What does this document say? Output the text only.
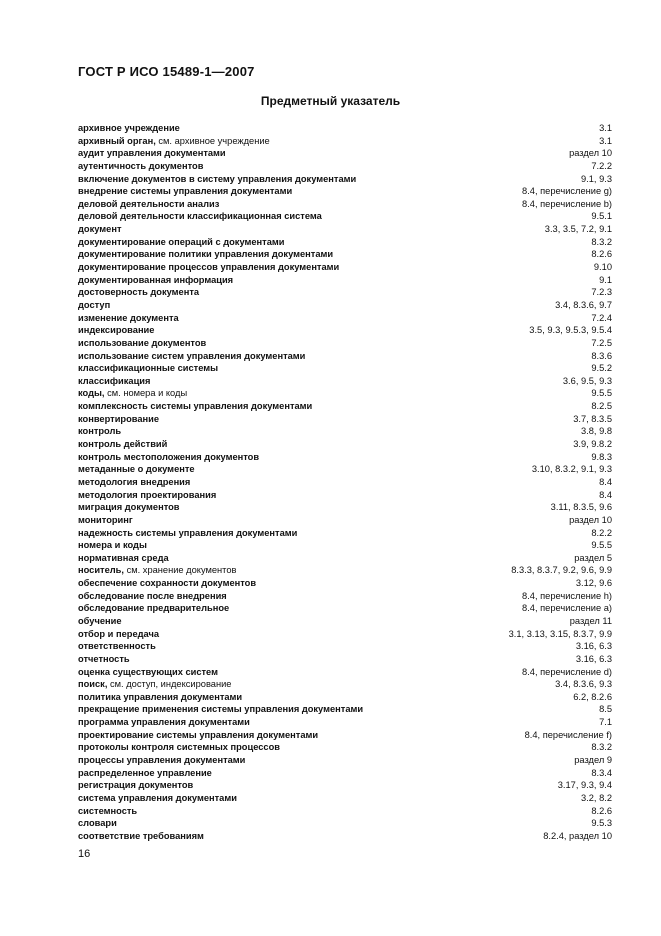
ГОСТ Р ИСО 15489-1—2007
Предметный указатель
архивное учреждение	3.1
архивный орган, см. архивное учреждение	3.1
аудит управления документами	раздел 10
аутентичность документов	7.2.2
включение документов в систему управления документами	9.1, 9.3
внедрение системы управления документами	8.4, перечисление g)
деловой деятельности анализ	8.4, перечисление b)
деловой деятельности классификационная система	9.5.1
документ	3.3, 3.5, 7.2, 9.1
документирование операций с документами	8.3.2
документирование политики управления документами	8.2.6
документирование процессов управления документами	9.10
документированная информация	9.1
достоверность документа	7.2.3
доступ	3.4, 8.3.6, 9.7
изменение документа	7.2.4
индексирование	3.5, 9.3, 9.5.3, 9.5.4
использование документов	7.2.5
использование систем управления документами	8.3.6
классификационные системы	9.5.2
классификация	3.6, 9.5, 9.3
коды, см. номера и коды	9.5.5
комплексность системы управления документами	8.2.5
конвертирование	3.7, 8.3.5
контроль	3.8, 9.8
контроль действий	3.9, 9.8.2
контроль местоположения документов	9.8.3
метаданные о документе	3.10, 8.3.2, 9.1, 9.3
методология внедрения	8.4
методология проектирования	8.4
миграция документов	3.11, 8.3.5, 9.6
мониторинг	раздел 10
надежность системы управления документами	8.2.2
номера и коды	9.5.5
нормативная среда	раздел 5
носитель, см. хранение документов	8.3.3, 8.3.7, 9.2, 9.6, 9.9
обеспечение сохранности документов	3.12, 9.6
обследование после внедрения	8.4, перечисление h)
обследование предварительное	8.4, перечисление a)
обучение	раздел 11
отбор и передача	3.1, 3.13, 3.15, 8.3.7, 9.9
ответственность	3.16, 6.3
отчетность	3.16, 6.3
оценка существующих систем	8.4, перечисление d)
поиск, см. доступ, индексирование	3.4, 8.3.6, 9.3
политика управления документами	6.2, 8.2.6
прекращение применения системы управления документами	8.5
программа управления документами	7.1
проектирование системы управления документами	8.4, перечисление f)
протоколы контроля системных процессов	8.3.2
процессы управления документами	раздел 9
распределенное управление	8.3.4
регистрация документов	3.17, 9.3, 9.4
система управления документами	3.2, 8.2
системность	8.2.6
словари	9.5.3
соответствие требованиям	8.2.4, раздел 10
16
